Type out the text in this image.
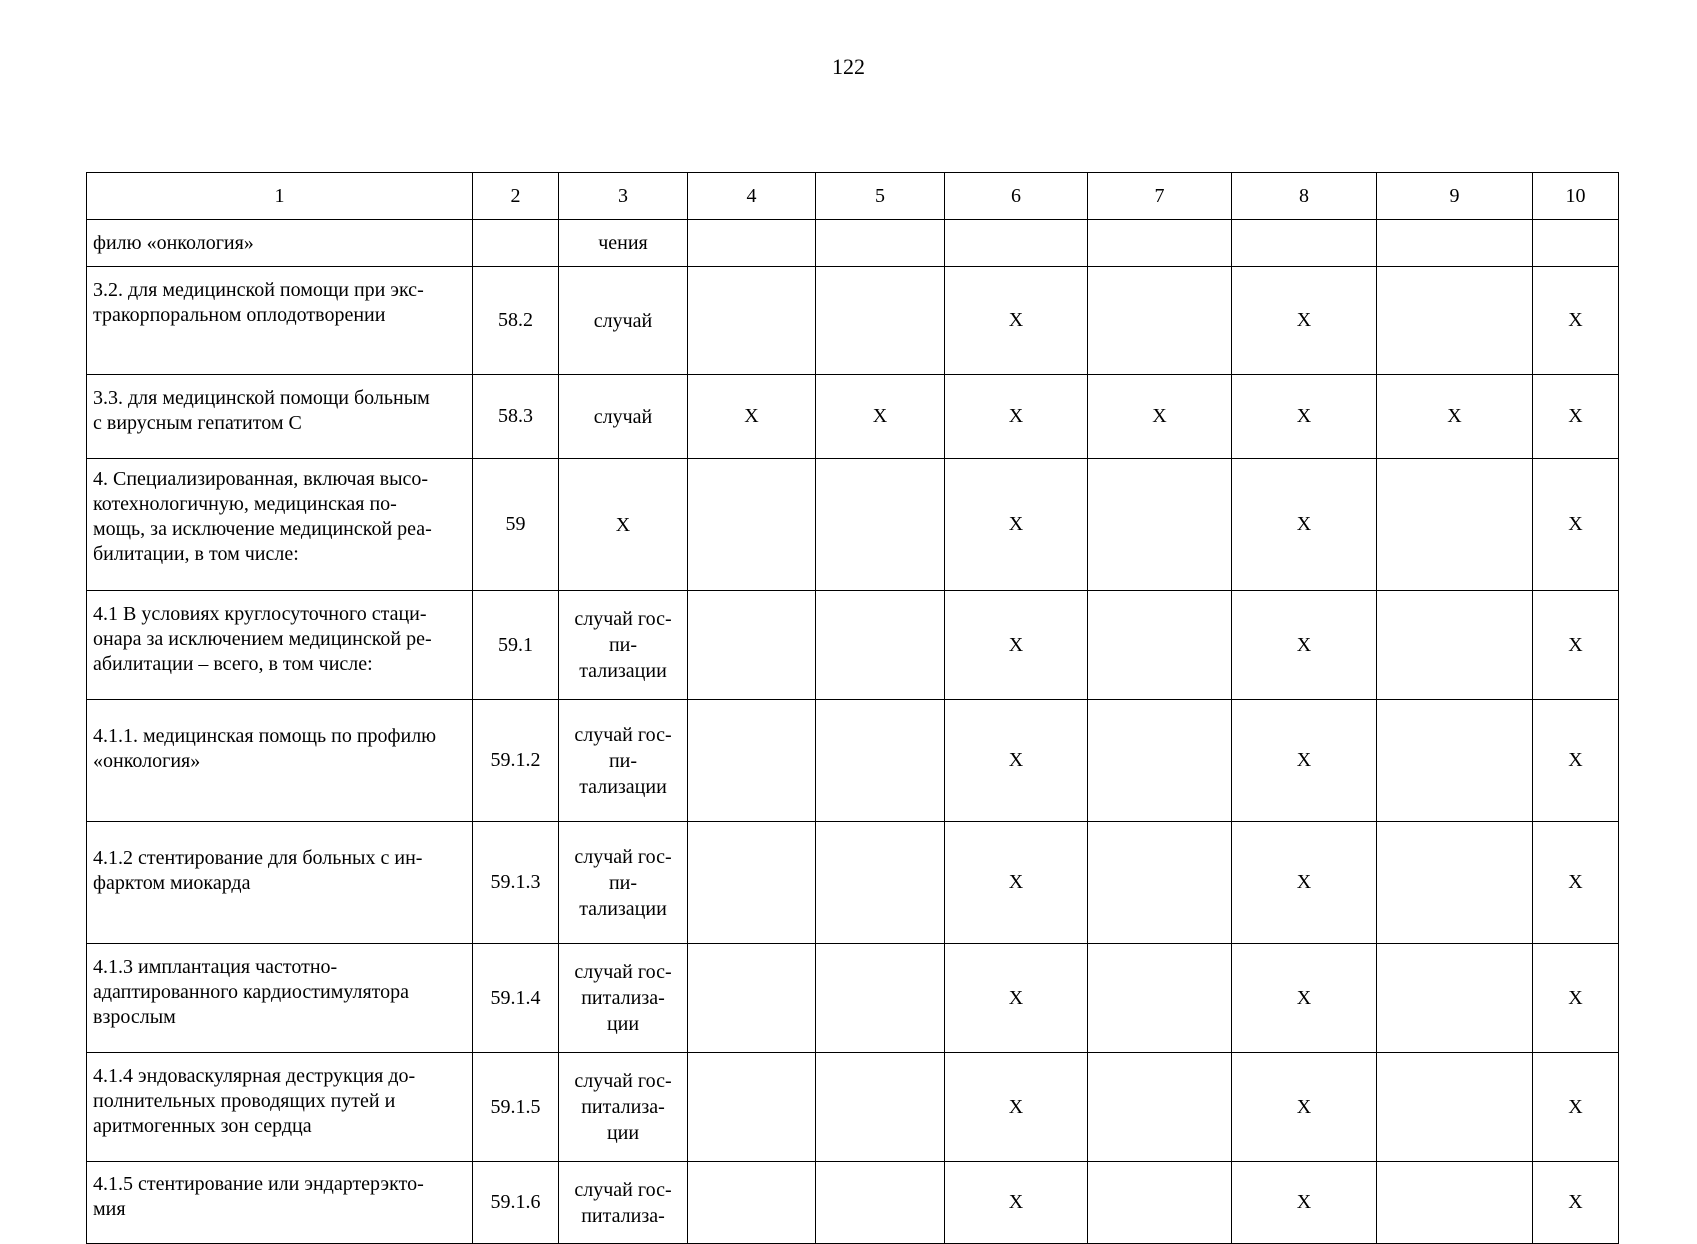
122
1	2	3	4	5	6	7	8	9	10
филю «онкология»		чения							
3.2. для медицинской помощи при экс-
тракорпоральном оплодотворении	58.2	случай			Х		Х		Х
3.3. для медицинской помощи больным
с вирусным гепатитом С	58.3	случай	Х	Х	Х	Х	Х	Х	Х
4. Специализированная, включая высо-
котехнологичную, медицинская по-
мощь, за исключение медицинской реа-
билитации, в том числе:	59	Х			Х		Х		Х
4.1 В условиях круглосуточного стаци-
онара за исключением медицинской ре-
абилитации – всего, в том числе:	59.1	случай гос-
пи-
тализации			Х		Х		Х
4.1.1. медицинская помощь по профилю
«онкология»	59.1.2	случай гос-
пи-
тализации			Х		Х		Х
4.1.2 стентирование для больных с ин-
фарктом миокарда	59.1.3	случай гос-
пи-
тализации			Х		Х		Х
4.1.3 имплантация частотно-
адаптированного кардиостимулятора
взрослым	59.1.4	случай гос-
питализа-
ции			Х		Х		Х
4.1.4 эндоваскулярная деструкция до-
полнительных проводящих путей и
аритмогенных зон сердца	59.1.5	случай гос-
питализа-
ции			Х		Х		Х
4.1.5 стентирование или эндартерэкто-
мия	59.1.6	случай гос-
питализа-			Х		Х		Х
